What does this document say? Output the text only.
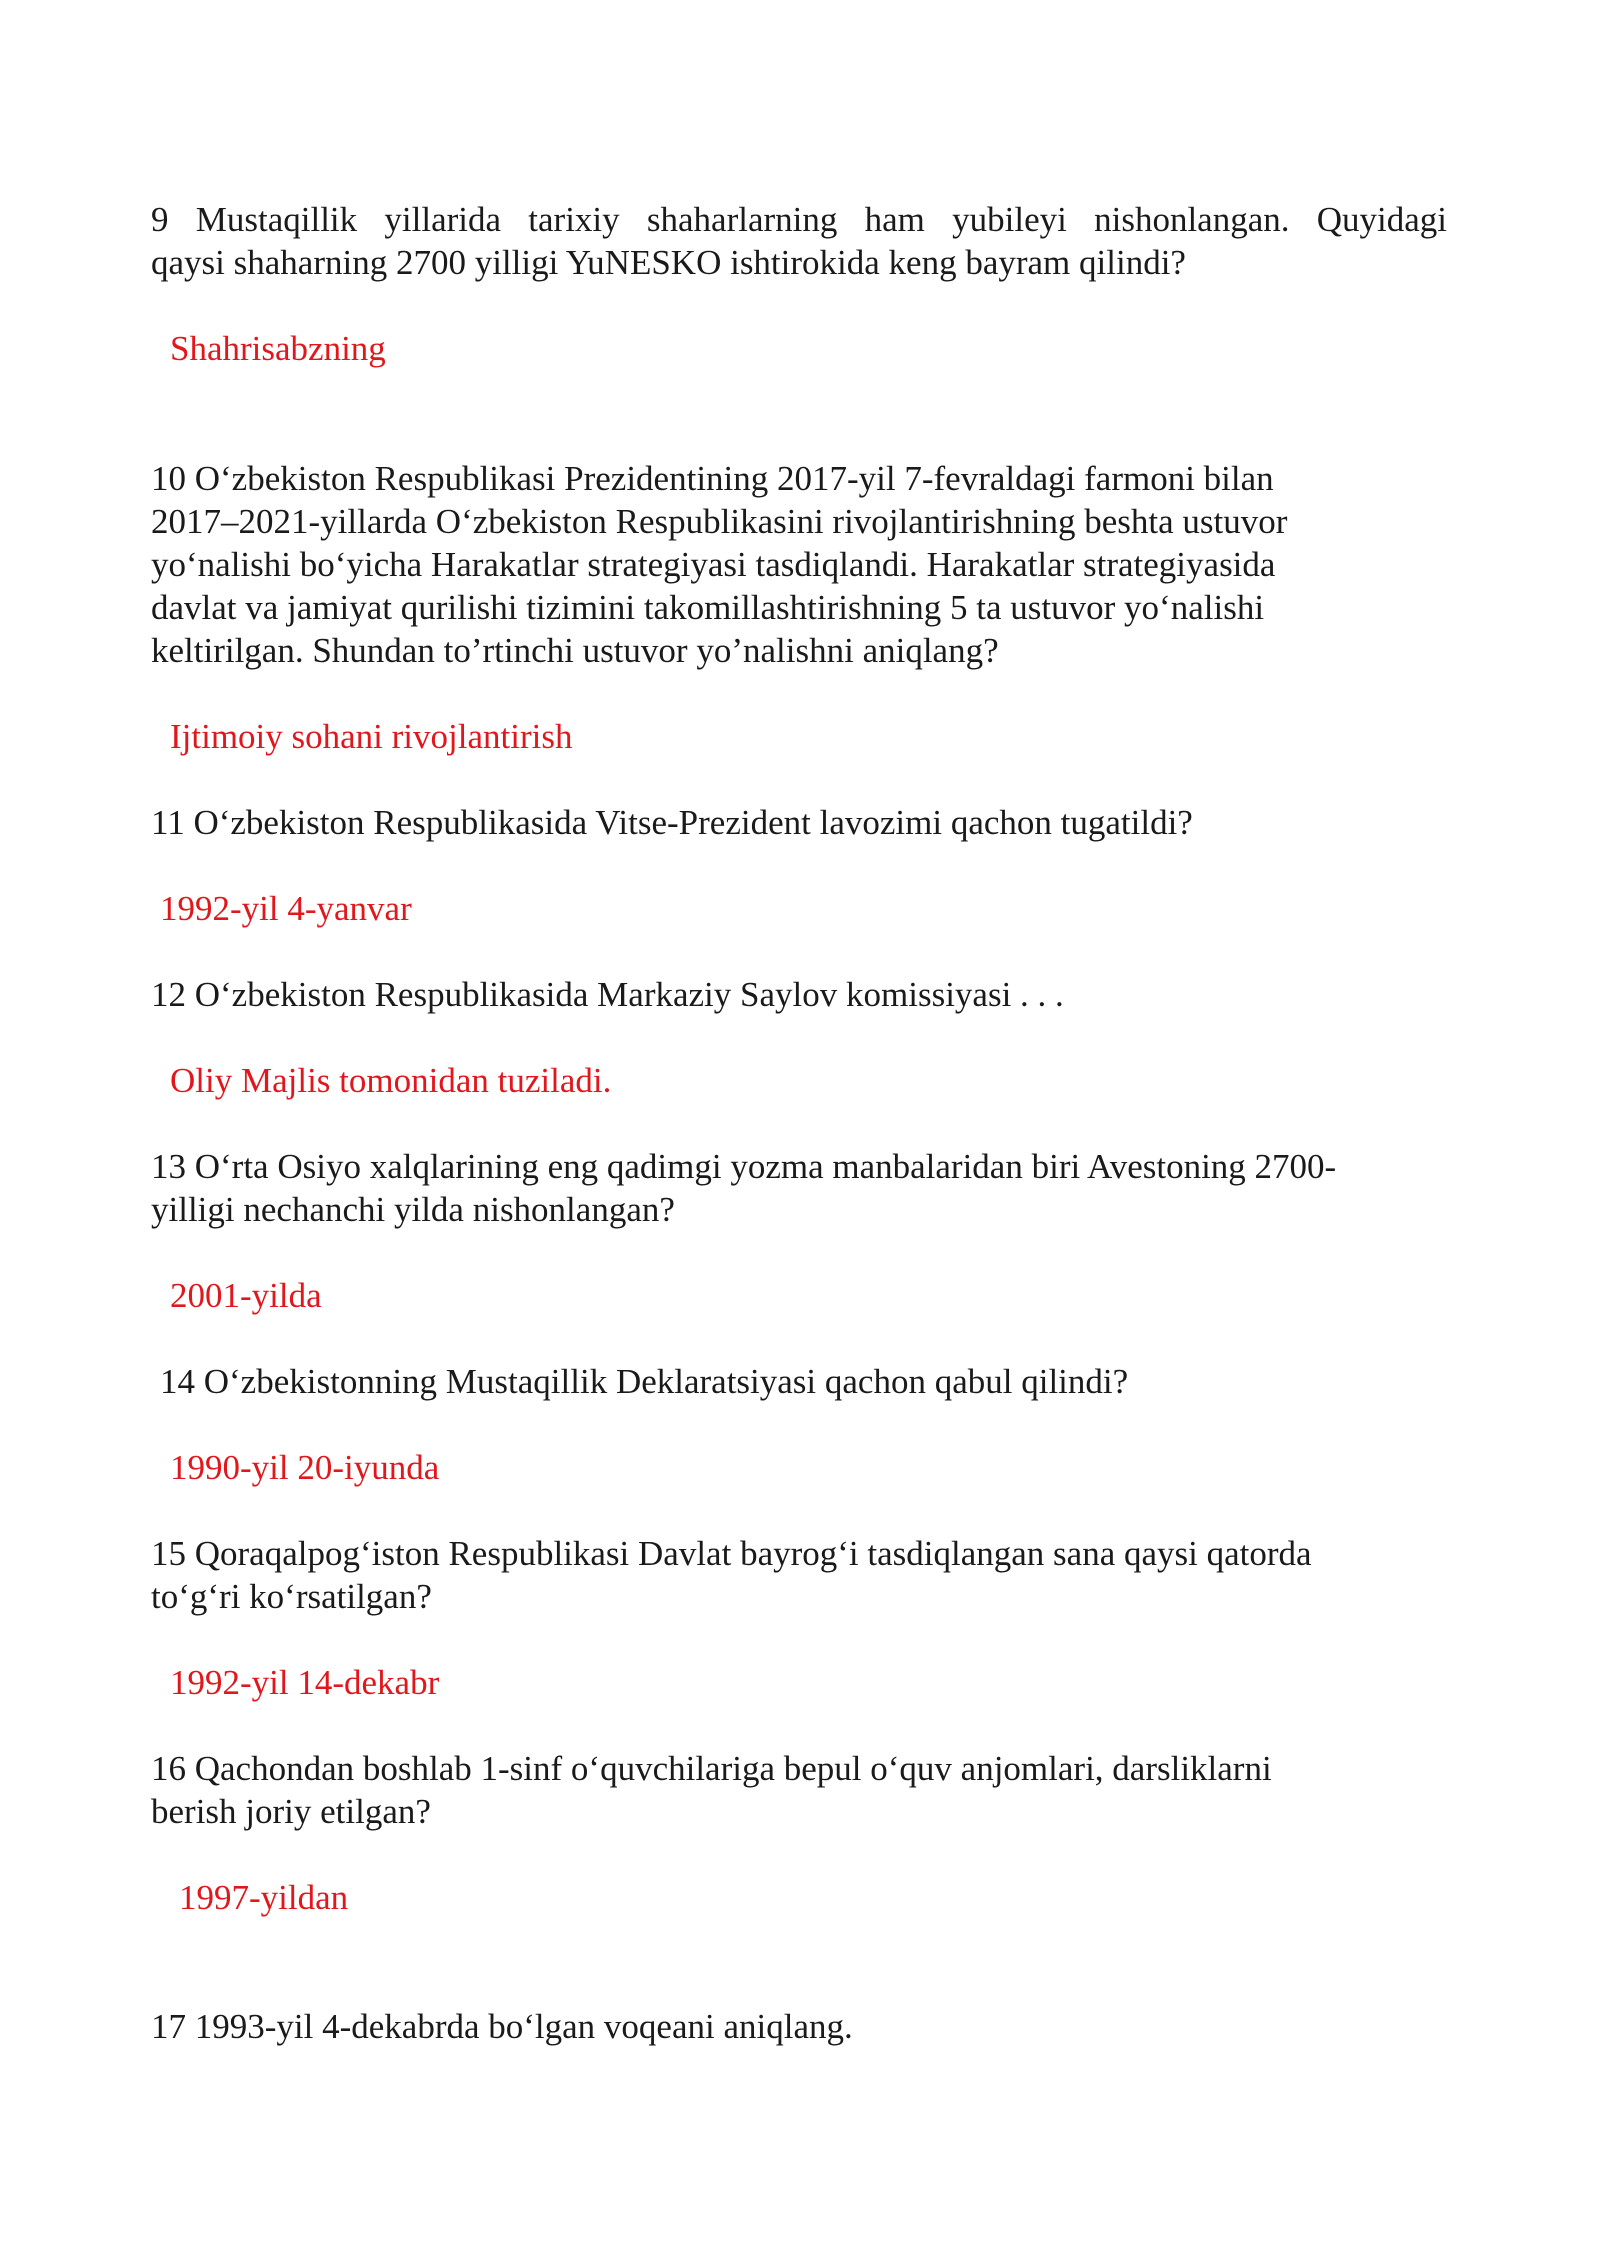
9 Mustaqillik yillarida tarixiy shaharlarning ham yubileyi nishonlangan. Quyidagi
qaysi shaharning 2700 yilligi YuNESKO ishtirokida keng bayram qilindi?
Shahrisabzning
10 O‘zbekiston Respublikasi Prezidentining 2017-yil 7-fevraldagi farmoni bilan
2017–2021-yillarda O‘zbekiston Respublikasini rivojlantirishning beshta ustuvor
yo‘nalishi bo‘yicha Harakatlar strategiyasi tasdiqlandi. Harakatlar strategiyasida
davlat va jamiyat qurilishi tizimini takomillashtirishning 5 ta ustuvor yo‘nalishi
keltirilgan. Shundan to’rtinchi ustuvor yo’nalishni aniqlang?
Ijtimoiy sohani rivojlantirish
11 O‘zbekiston Respublikasida Vitse-Prezident lavozimi qachon tugatildi?
1992-yil 4-yanvar
12 O‘zbekiston Respublikasida Markaziy Saylov komissiyasi . . .
Oliy Majlis tomonidan tuziladi.
13 O‘rta Osiyo xalqlarining eng qadimgi yozma manbalaridan biri Avestoning 2700-
yilligi nechanchi yilda nishonlangan?
2001-yilda
14 O‘zbekistonning Mustaqillik Deklaratsiyasi qachon qabul qilindi?
1990-yil 20-iyunda
15 Qoraqalpog‘iston Respublikasi Davlat bayrog‘i tasdiqlangan sana qaysi qatorda
to‘g‘ri ko‘rsatilgan?
1992-yil 14-dekabr
16 Qachondan boshlab 1-sinf o‘quvchilariga bepul o‘quv anjomlari, darsliklarni
berish joriy etilgan?
1997-yildan
17 1993-yil 4-dekabrda bo‘lgan voqeani aniqlang.
